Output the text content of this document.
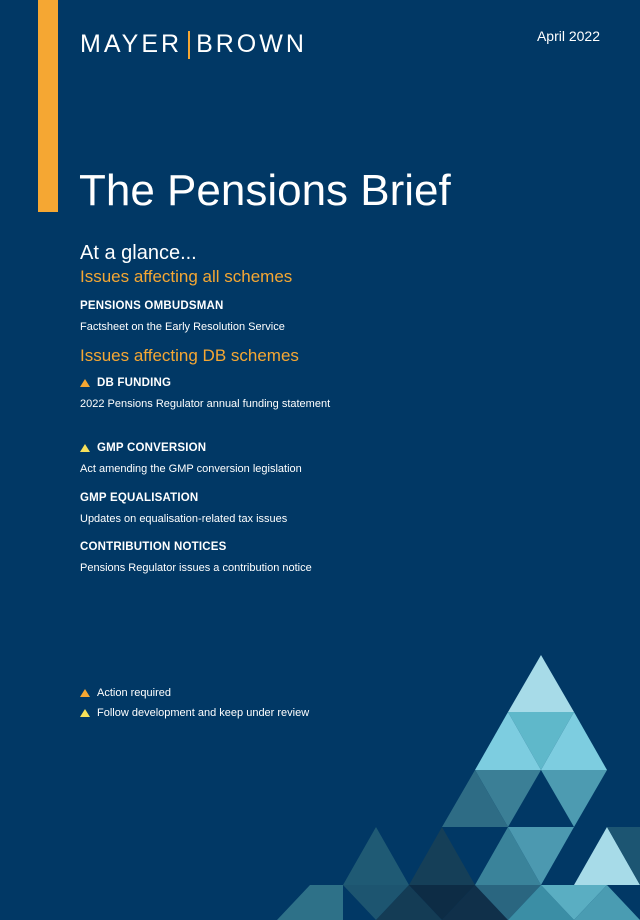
MAYER BROWN	April 2022
The Pensions Brief
At a glance...
Issues affecting all schemes
PENSIONS OMBUDSMAN
Factsheet on the Early Resolution Service
Issues affecting DB schemes
DB FUNDING
2022 Pensions Regulator annual funding statement
GMP CONVERSION
Act amending the GMP conversion legislation
GMP EQUALISATION
Updates on equalisation-related tax issues
CONTRIBUTION NOTICES
Pensions Regulator issues a contribution notice
Action required
Follow development and keep under review
